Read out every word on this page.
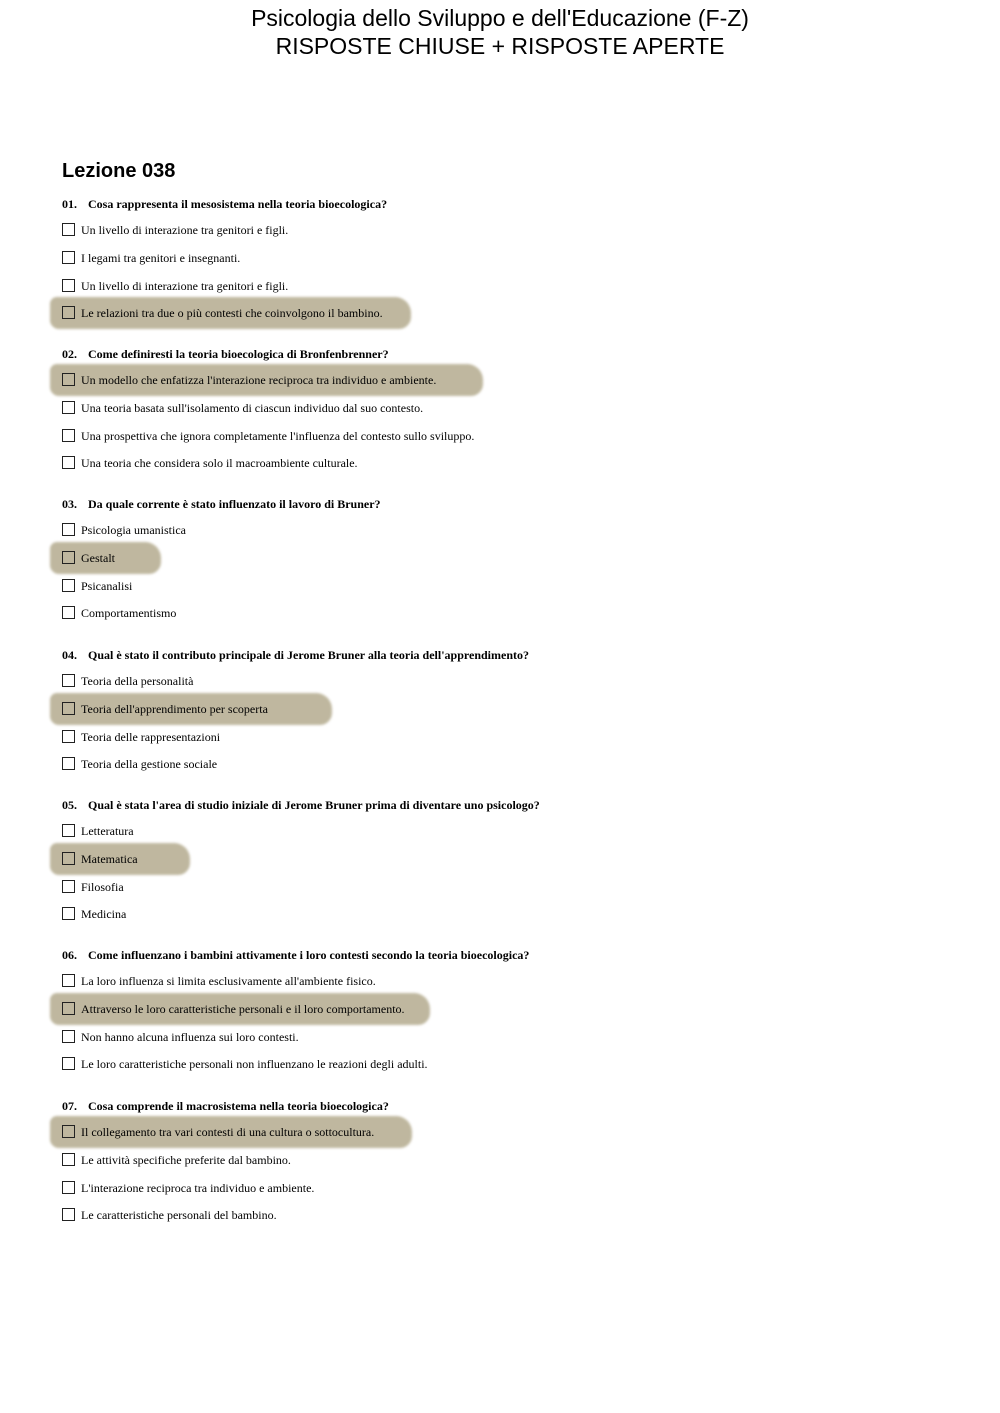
Psicologia dello Sviluppo e dell'Educazione (F-Z)
RISPOSTE CHIUSE + RISPOSTE APERTE
Lezione 038
01. Cosa rappresenta il mesosistema nella teoria bioecologica?
Un livello di interazione tra genitori e figli.
I legami tra genitori e insegnanti.
Un livello di interazione tra genitori e figli.
Le relazioni tra due o più contesti che coinvolgono il bambino.
02. Come definiresti la teoria bioecologica di Bronfenbrenner?
Un modello che enfatizza l'interazione reciproca tra individuo e ambiente.
Una teoria basata sull'isolamento di ciascun individuo dal suo contesto.
Una prospettiva che ignora completamente l'influenza del contesto sullo sviluppo.
Una teoria che considera solo il macroambiente culturale.
03. Da quale corrente è stato influenzato il lavoro di Bruner?
Psicologia umanistica
Gestalt
Psicanalisi
Comportamentismo
04. Qual è stato il contributo principale di Jerome Bruner alla teoria dell'apprendimento?
Teoria della personalità
Teoria dell'apprendimento per scoperta
Teoria delle rappresentazioni
Teoria della gestione sociale
05. Qual è stata l'area di studio iniziale di Jerome Bruner prima di diventare uno psicologo?
Letteratura
Matematica
Filosofia
Medicina
06. Come influenzano i bambini attivamente i loro contesti secondo la teoria bioecologica?
La loro influenza si limita esclusivamente all'ambiente fisico.
Attraverso le loro caratteristiche personali e il loro comportamento.
Non hanno alcuna influenza sui loro contesti.
Le loro caratteristiche personali non influenzano le reazioni degli adulti.
07. Cosa comprende il macrosistema nella teoria bioecologica?
Il collegamento tra vari contesti di una cultura o sottocultura.
Le attività specifiche preferite dal bambino.
L'interazione reciproca tra individuo e ambiente.
Le caratteristiche personali del bambino.
